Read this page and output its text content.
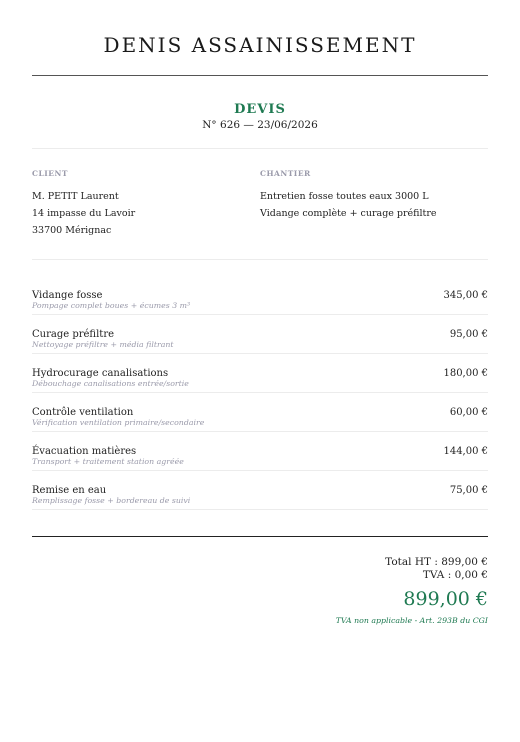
DENIS ASSAINISSEMENT
DEVIS
N° 626 — 23/06/2026
CLIENT
M. PETIT Laurent
14 impasse du Lavoir
33700 Mérignac
CHANTIER
Entretien fosse toutes eaux 3000 L
Vidange complète + curage préfiltre
Vidange fosse
Pompage complet boues + écumes 3 m³
345,00 €
Curage préfiltre
Nettoyage préfiltre + média filtrant
95,00 €
Hydrocurage canalisations
Débouchage canalisations entrée/sortie
180,00 €
Contrôle ventilation
Vérification ventilation primaire/secondaire
60,00 €
Évacuation matières
Transport + traitement station agréée
144,00 €
Remise en eau
Remplissage fosse + bordereau de suivi
75,00 €
Total HT : 899,00 €
TVA : 0,00 €
899,00 €
TVA non applicable - Art. 293B du CGI
